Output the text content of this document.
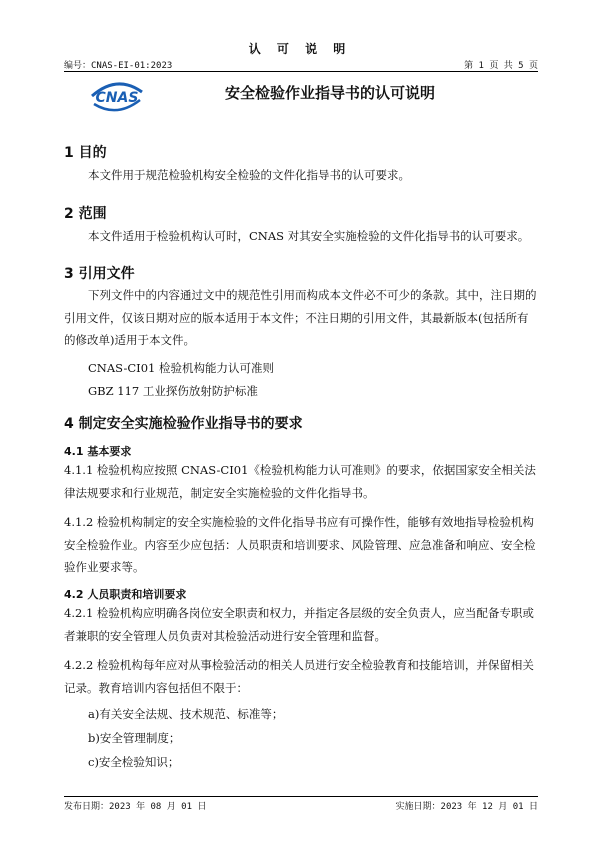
认 可 说 明
编号：CNAS-EI-01:2023	第 1 页 共 5 页
CNAS	安全检验作业指导书的认可说明
1 目的
本文件用于规范检验机构安全检验的文件化指导书的认可要求。
2 范围
本文件适用于检验机构认可时，CNAS 对其安全实施检验的文件化指导书的认可要求。
3 引用文件
下列文件中的内容通过文中的规范性引用而构成本文件必不可少的条款。其中，注日期的引用文件，仅该日期对应的版本适用于本文件；不注日期的引用文件，其最新版本(包括所有的修改单)适用于本文件。
CNAS-CI01 检验机构能力认可准则
GBZ 117 工业探伤放射防护标准
4 制定安全实施检验作业指导书的要求
4.1 基本要求
4.1.1 检验机构应按照 CNAS-CI01《检验机构能力认可准则》的要求，依据国家安全相关法律法规要求和行业规范，制定安全实施检验的文件化指导书。
4.1.2 检验机构制定的安全实施检验的文件化指导书应有可操作性，能够有效地指导检验机构安全检验作业。内容至少应包括：人员职责和培训要求、风险管理、应急准备和响应、安全检验作业要求等。
4.2 人员职责和培训要求
4.2.1 检验机构应明确各岗位安全职责和权力，并指定各层级的安全负责人，应当配备专职或者兼职的安全管理人员负责对其检验活动进行安全管理和监督。
4.2.2 检验机构每年应对从事检验活动的相关人员进行安全检验教育和技能培训，并保留相关记录。教育培训内容包括但不限于：
a)有关安全法规、技术规范、标准等；
b)安全管理制度；
c)安全检验知识；
发布日期：2023 年 08 月 01 日	实施日期：2023 年 12 月 01 日
